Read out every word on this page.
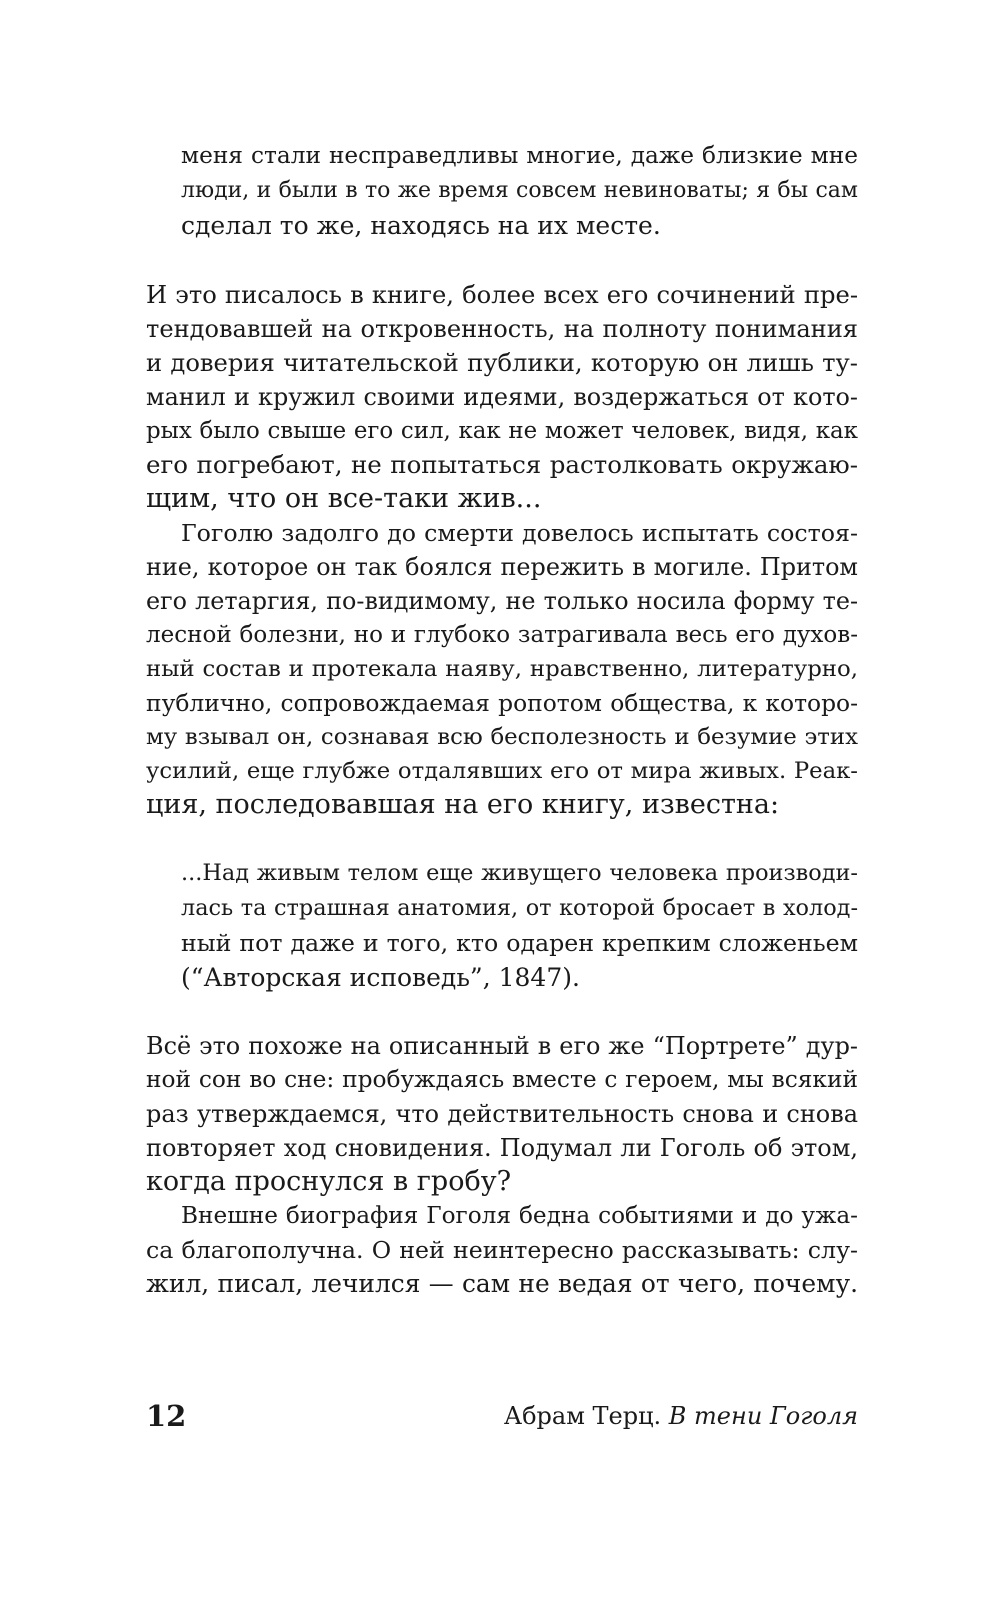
меня стали несправедливы многие, даже близкие мне
люди, и были в то же время совсем невиноваты; я бы сам
сделал то же, находясь на их месте.
И это писалось в книге, более всех его сочинений пре-
тендовавшей на откровенность, на полноту понимания
и доверия читательской публики, которую он лишь ту-
манил и кружил своими идеями, воздержаться от кото-
рых было свыше его сил, как не может человек, видя, как
его погребают, не попытаться растолковать окружаю-
щим, что он все-таки жив...
Гоголю задолго до смерти довелось испытать состоя-
ние, которое он так боялся пережить в могиле. Притом
его летаргия, по-видимому, не только носила форму те-
лесной болезни, но и глубоко затрагивала весь его духов-
ный состав и протекала наяву, нравственно, литературно,
публично, сопровождаемая ропотом общества, к которо-
му взывал он, сознавая всю бесполезность и безумие этих
усилий, еще глубже отдалявших его от мира живых. Реак-
ция, последовавшая на его книгу, известна:
...Над живым телом еще живущего человека производи-
лась та страшная анатомия, от которой бросает в холод-
ный пот даже и того, кто одарен крепким сложеньем
(“Авторская исповедь”, 1847).
Всё это похоже на описанный в его же “Портрете” дур-
ной сон во сне: пробуждаясь вместе с героем, мы всякий
раз утверждаемся, что действительность снова и снова
повторяет ход сновидения. Подумал ли Гоголь об этом,
когда проснулся в гробу?
Внешне биография Гоголя бедна событиями и до ужа-
са благополучна. О ней неинтересно рассказывать: слу-
жил, писал, лечился — сам не ведая от чего, почему.
12	Абрам Терц. В тени Гоголя
